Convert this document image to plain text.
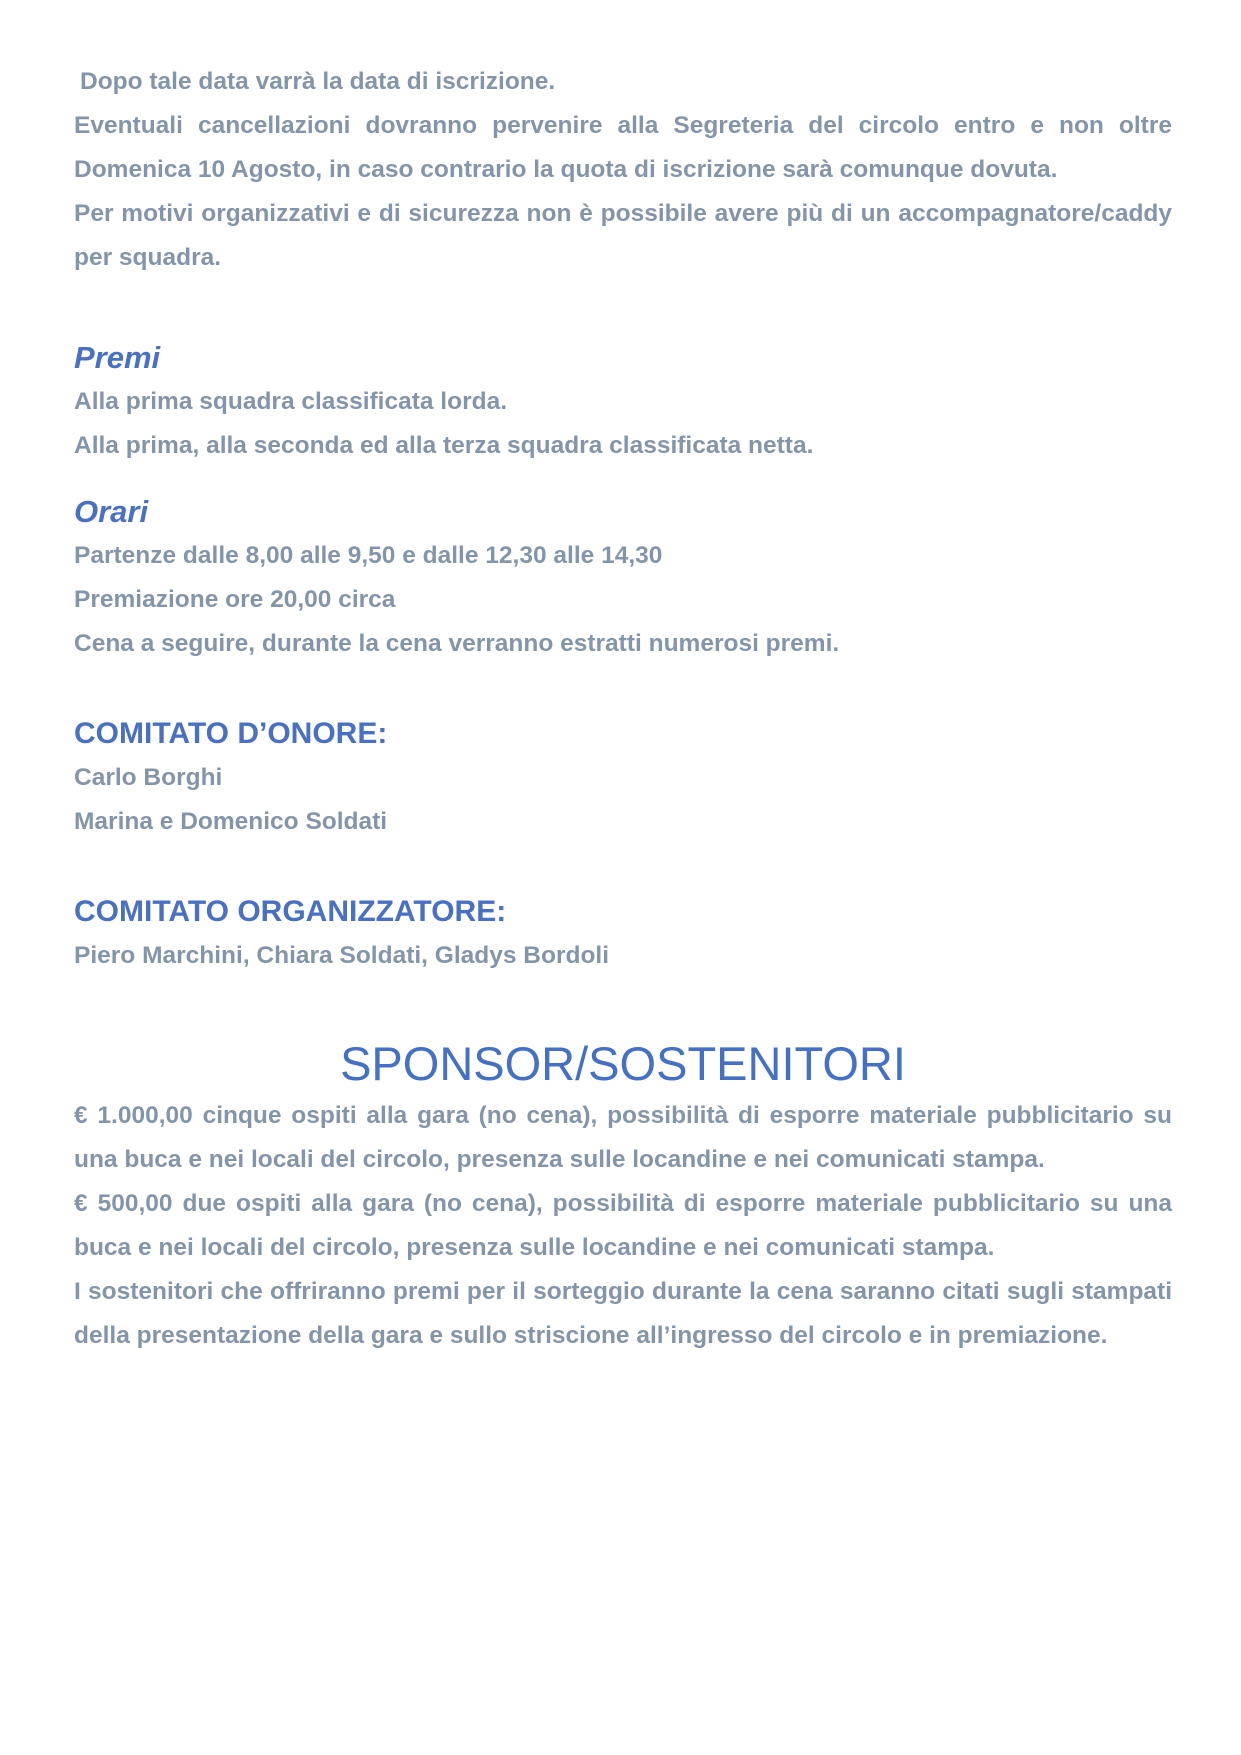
Dopo tale data varrà la data di iscrizione.

Eventuali cancellazioni dovranno pervenire alla Segreteria del circolo entro e non oltre Domenica 10 Agosto, in caso contrario la quota di iscrizione sarà comunque dovuta.

Per motivi organizzativi e di sicurezza non è possibile avere più di un accompagnatore/caddy per squadra.

Premi

Alla prima squadra classificata lorda.

Alla prima, alla seconda ed alla terza squadra classificata netta.

Orari

Partenze dalle 8,00 alle 9,50 e dalle 12,30 alle 14,30

Premiazione ore 20,00 circa

Cena a seguire, durante la cena verranno estratti numerosi premi.

COMITATO D’ONORE:

Carlo Borghi

Marina e Domenico Soldati

COMITATO ORGANIZZATORE:

Piero Marchini, Chiara Soldati, Gladys Bordoli

SPONSOR/SOSTENITORI

€ 1.000,00 cinque ospiti alla gara (no cena), possibilità di esporre materiale pubblicitario su una buca e nei locali del circolo, presenza sulle locandine e nei comunicati stampa.

€ 500,00 due ospiti alla gara (no cena), possibilità di esporre materiale pubblicitario su una buca e nei locali del circolo, presenza sulle locandine e nei comunicati stampa.

I sostenitori che offriranno premi per il sorteggio durante la cena saranno citati sugli stampati della presentazione della gara e sullo striscione all’ingresso del circolo e in premiazione.
